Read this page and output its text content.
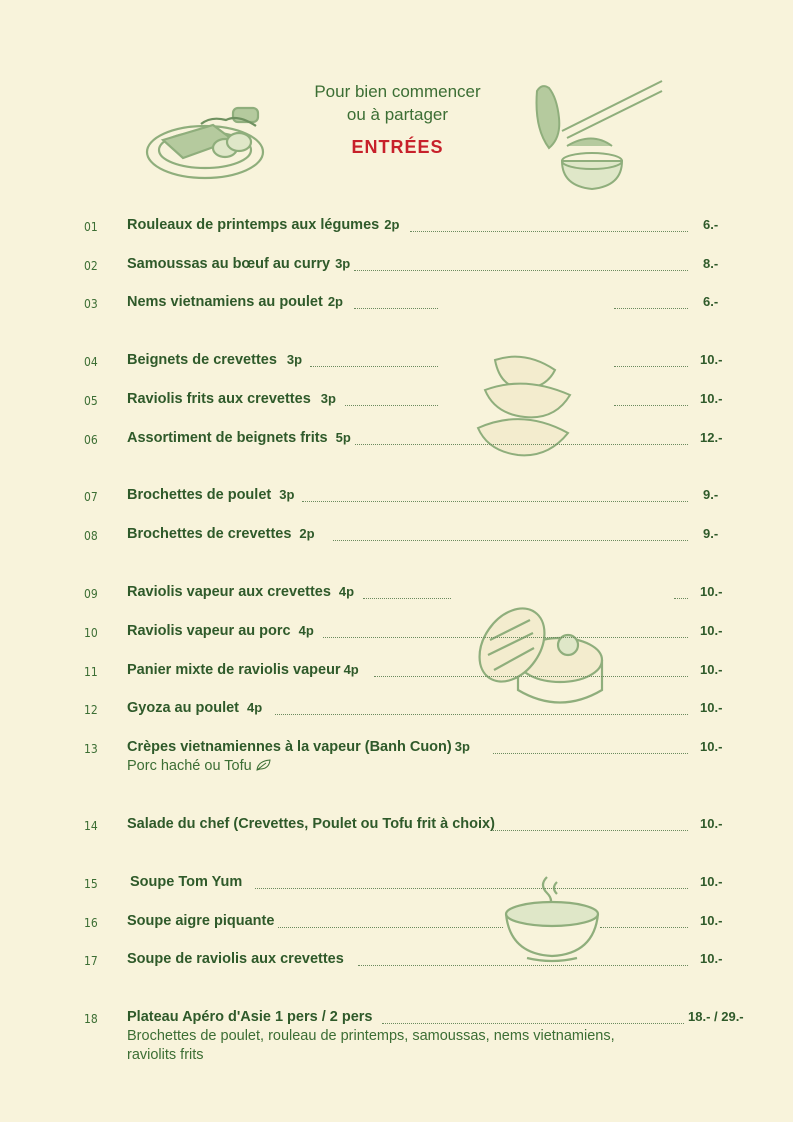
Pour bien commencer
ou à partager
ENTRÉES
01 Rouleaux de printemps aux légumes 2p	6.-
02 Samoussas au bœuf au curry 3p	8.-
03 Nems vietnamiens au poulet 2p	6.-
04 Beignets de crevettes 3p	10.-
05 Raviolis frits aux crevettes 3p	10.-
06 Assortiment de beignets frits 5p	12.-
07 Brochettes de poulet 3p	9.-
08 Brochettes de crevettes 2p	9.-
09 Raviolis vapeur aux crevettes 4p	10.-
10 Raviolis vapeur au porc 4p	10.-
11 Panier mixte de raviolis vapeur 4p	10.-
12 Gyoza au poulet 4p	10.-
13 Crèpes vietnamiennes à la vapeur (Banh Cuon) 3p	10.-
Porc haché ou Tofu
14 Salade du chef (Crevettes, Poulet ou Tofu frit à choix)	10.-
15 Soupe Tom Yum	10.-
16 Soupe aigre piquante	10.-
17 Soupe de raviolis aux crevettes	10.-
18 Plateau Apéro d'Asie 1 pers / 2 pers	18.- / 29.-
Brochettes de poulet, rouleau de printemps, samoussas, nems vietnamiens,
raviolits frits
